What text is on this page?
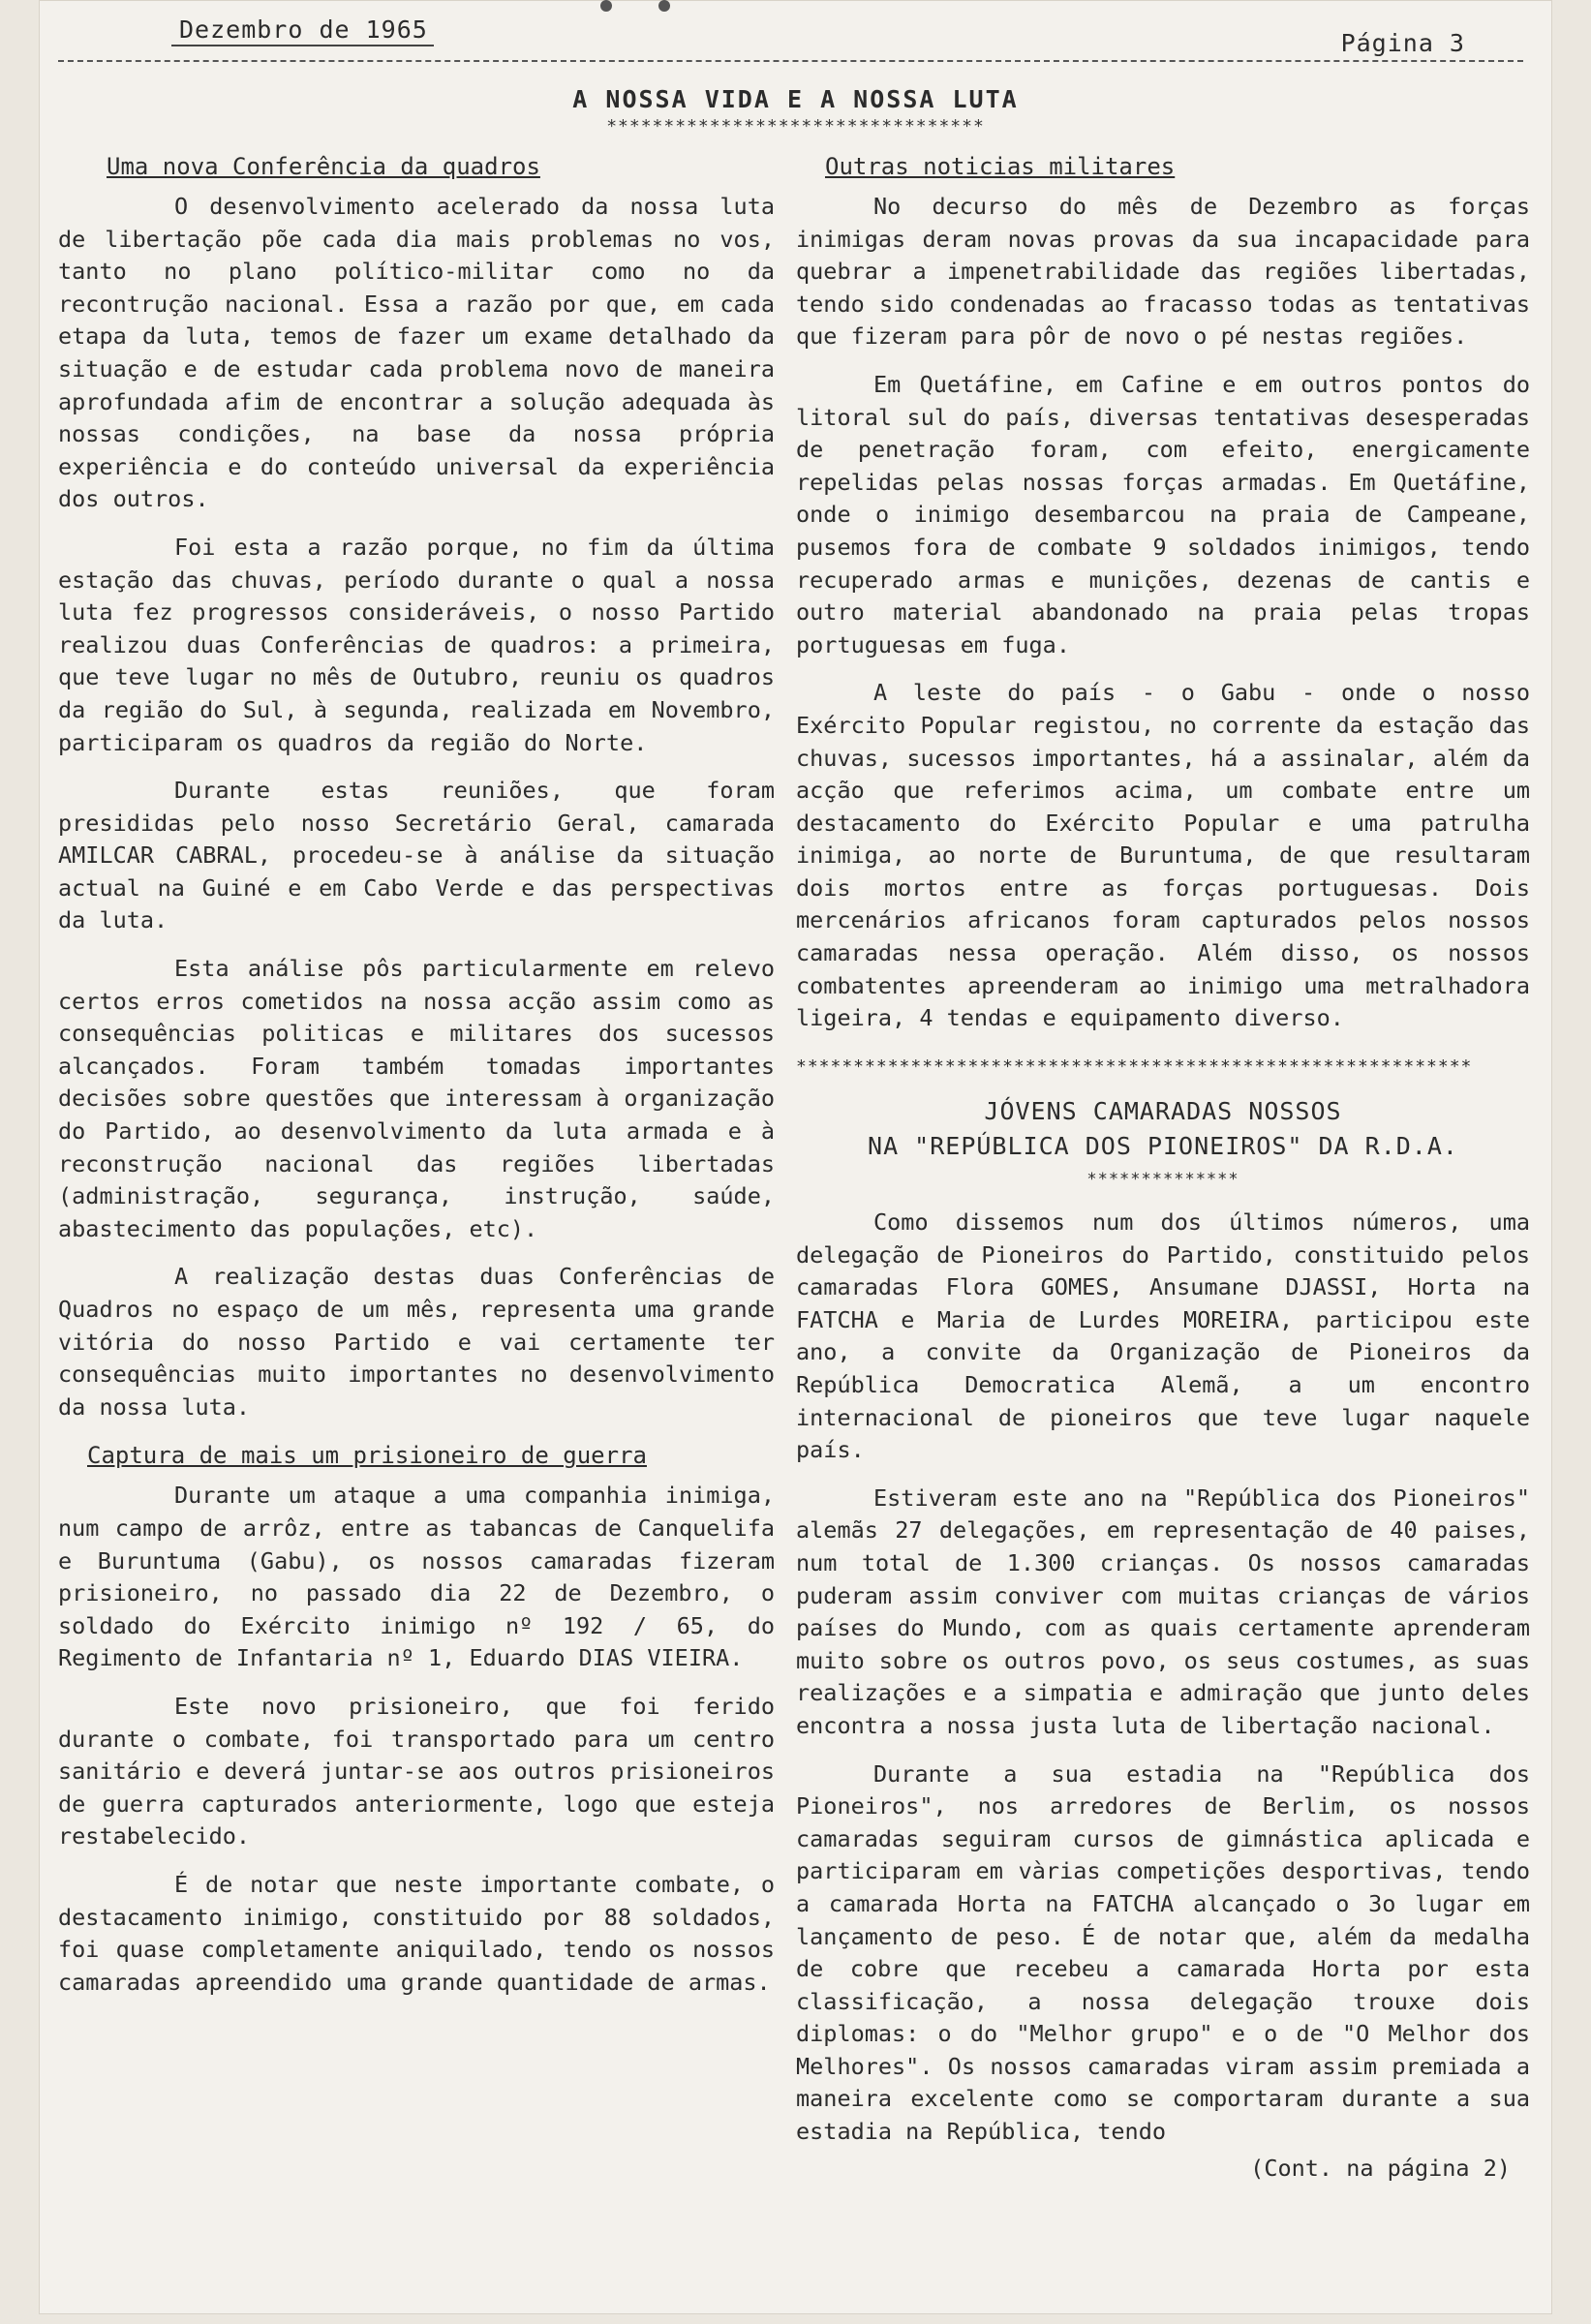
Dezembro de 1965	Página 3
A NOSSA VIDA E A NOSSA LUTA
*********************************
Uma nova Conferência da quadros

O desenvolvimento acelerado da nossa luta de libertação põe cada dia mais problemas no vos, tanto no plano político-militar como no da recontrução nacional. Essa a razão por que, em cada etapa da luta, temos de fazer um exame detalhado da situação e de estudar cada problema novo de maneira aprofundada afim de encontrar a solução adequada às nossas condições, na base da nossa própria experiência e do conteúdo universal da experiência dos outros.

Foi esta a razão porque, no fim da última estação das chuvas, período durante o qual a nossa luta fez progressos consideráveis, o nosso Partido realizou duas Conferências de quadros: a primeira, que teve lugar no mês de Outubro, reuniu os quadros da região do Sul, à segunda, realizada em Novembro, participaram os quadros da região do Norte.

Durante estas reuniões, que foram presididas pelo nosso Secretário Geral, camarada AMILCAR CABRAL, procedeu-se à análise da situação actual na Guiné e em Cabo Verde e das perspectivas da luta.

Esta análise pôs particularmente em relevo certos erros cometidos na nossa acção assim como as consequências politicas e militares dos sucessos alcançados. Foram também tomadas importantes decisões sobre questões que interessam à organização do Partido, ao desenvolvimento da luta armada e à reconstrução nacional das regiões libertadas (administração, segurança, instrução, saúde, abastecimento das populações, etc).

A realização destas duas Conferências de Quadros no espaço de um mês, representa uma grande vitória do nosso Partido e vai certamente ter consequências muito importantes no desenvolvimento da nossa luta.

Captura de mais um prisioneiro de guerra

Durante um ataque a uma companhia inimiga, num campo de arrôz, entre as tabancas de Canquelifa e Buruntuma (Gabu), os nossos camaradas fizeram prisioneiro, no passado dia 22 de Dezembro, o soldado do Exército inimigo nº 192 / 65, do Regimento de Infantaria nº 1, Eduardo DIAS VIEIRA.

Este novo prisioneiro, que foi ferido durante o combate, foi transportado para um centro sanitário e deverá juntar-se aos outros prisioneiros de guerra capturados anteriormente, logo que esteja restabelecido.

É de notar que neste importante combate, o destacamento inimigo, constituido por 88 soldados, foi quase completamente aniquilado, tendo os nossos camaradas apreendido uma grande quantidade de armas.

Outras noticias militares

No decurso do mês de Dezembro as forças inimigas deram novas provas da sua incapacidade para quebrar a impenetrabilidade das regiões libertadas, tendo sido condenadas ao fracasso todas as tentativas que fizeram para pôr de novo o pé nestas regiões.

Em Quetáfine, em Cafine e em outros pontos do litoral sul do país, diversas tentativas desesperadas de penetração foram, com efeito, energicamente repelidas pelas nossas forças armadas. Em Quetáfine, onde o inimigo desembarcou na praia de Campeane, pusemos fora de combate 9 soldados inimigos, tendo recuperado armas e munições, dezenas de cantis e outro material abandonado na praia pelas tropas portuguesas em fuga.

A leste do país - o Gabu - onde o nosso Exército Popular registou, no corrente da estação das chuvas, sucessos importantes, há a assinalar, além da acção que referimos acima, um combate entre um destacamento do Exército Popular e uma patrulha inimiga, ao norte de Buruntuma, de que resultaram dois mortos entre as forças portuguesas. Dois mercenários africanos foram capturados pelos nossos camaradas nessa operação. Além disso, os nossos combatentes apreenderam ao inimigo uma metralhadora ligeira, 4 tendas e equipamento diverso.

***********************************************************
JÓVENS CAMARADAS NOSSOS
NA "REPÚBLICA DOS PIONEIROS" DA R.D.A.
**************

Como dissemos num dos últimos números, uma delegação de Pioneiros do Partido, constituido pelos camaradas Flora GOMES, Ansumane DJASSI, Horta na FATCHA e Maria de Lurdes MOREIRA, participou este ano, a convite da Organização de Pioneiros da República Democratica Alemã, a um encontro internacional de pioneiros que teve lugar naquele país.

Estiveram este ano na "República dos Pioneiros" alemãs 27 delegações, em representação de 40 paises, num total de 1.300 crianças. Os nossos camaradas puderam assim conviver com muitas crianças de vários países do Mundo, com as quais certamente aprenderam muito sobre os outros povo, os seus costumes, as suas realizações e a simpatia e admiração que junto deles encontra a nossa justa luta de libertação nacional.

Durante a sua estadia na "República dos Pioneiros", nos arredores de Berlim, os nossos camaradas seguiram cursos de gimnástica aplicada e participaram em vàrias competições desportivas, tendo a camarada Horta na FATCHA alcançado o 3o lugar em lançamento de peso. É de notar que, além da medalha de cobre que recebeu a camarada Horta por esta classificação, a nossa delegação trouxe dois diplomas: o do "Melhor grupo" e o de "O Melhor dos Melhores". Os nossos camaradas viram assim premiada a maneira excelente como se comportaram durante a sua estadia na República, tendo

(Cont. na página 2)
